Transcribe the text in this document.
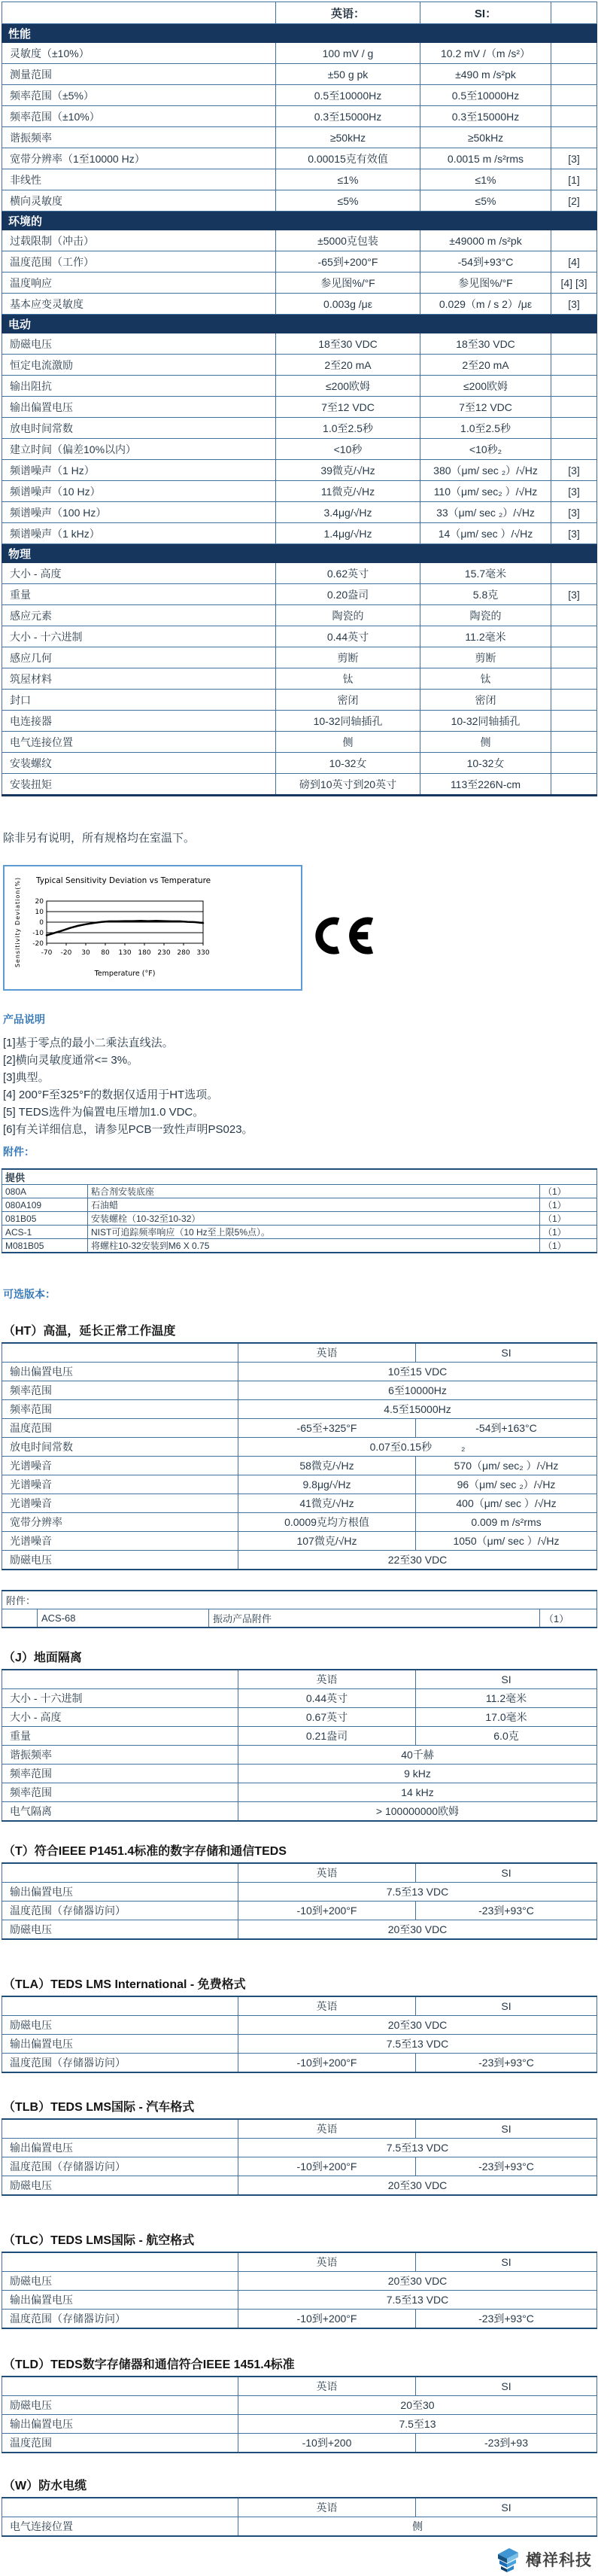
	英语：	SI：	
性能			
灵敏度（±10%）	100 mV / g	10.2 mV /（m /s²）	
测量范围	±50 g pk	±490 m /s²pk	
频率范围（±5%）	0.5至10000Hz	0.5至10000Hz	
频率范围（±10%）	0.3至15000Hz	0.3至15000Hz	
谐振频率	≥50kHz	≥50kHz	
宽带分辨率（1至10000 Hz）	0.00015克有效值	0.0015 m /s²rms	[3]
非线性	≤1%	≤1%	[1]
横向灵敏度	≤5%	≤5%	[2]
环境的			
过载限制（冲击）	±5000克包装	±49000 m /s²pk	
温度范围（工作）	-65到+200°F	-54到+93°C	[4]
温度响应	参见图%/°F	参见图%/°F	[4] [3]
基本应变灵敏度	0.003g /με	0.029（m / s 2）/με	[3]
电动			
励磁电压	18至30 VDC	18至30 VDC	
恒定电流激励	2至20 mA	2至20 mA	
输出阻抗	≤200欧姆	≤200欧姆	
输出偏置电压	7至12 VDC	7至12 VDC	
放电时间常数	1.0至2.5秒	1.0至2.5秒	
建立时间（偏差10%以内）	<10秒	<10秒₂	
频谱噪声（1 Hz）	39微克/√Hz	380（μm/ sec ₂）/√Hz	[3]
频谱噪声（10 Hz）	11微克/√Hz	110（μm/ sec₂ ）/√Hz	[3]
频谱噪声（100 Hz）	3.4μg/√Hz	33（μm/ sec ₂）/√Hz	[3]
频谱噪声（1 kHz）	1.4μg/√Hz	14（μm/ sec ）/√Hz	[3]
物理			
大小 - 高度	0.62英寸	15.7毫米	
重量	0.20盎司	5.8克	[3]
感应元素	陶瓷的	陶瓷的	
大小 - 十六进制	0.44英寸	11.2毫米	
感应几何	剪断	剪断	
筑屋材料	钛	钛	
封口	密闭	密闭	
电连接器	10-32同轴插孔	10-32同轴插孔	
电气连接位置	侧	侧	
安装螺纹	10-32女	10-32女	
安装扭矩	磅到10英寸到20英寸	113至226N-cm	
除非另有说明，所有规格均在室温下。
Typical Sensitivity Deviation vs Temperature
Sensitivity Deviation(%) 20
10
0
-10
-20
-70 -20 30 80 130 180 230 280 330
Temperature (°F)
产品说明
[1]基于零点的最小二乘法直线法。
[2]横向灵敏度通常<= 3%。
[3]典型。
[4] 200°F至325°F的数据仅适用于HT选项。
[5] TEDS选件为偏置电压增加1.0 VDC。
[6]有关详细信息，请参见PCB一致性声明PS023。
附件：
提供		
080A	粘合剂安装底座	（1）
080A109	石油蜡	（1）
081B05	安装螺栓（10-32至10-32）	（1）
ACS-1	NIST可追踪频率响应（10 Hz至上限5%点）。	（1）
M081B05	将螺柱10-32安装到M6 X 0.75	（1）
可选版本：
（HT）高温，延长正常工作温度
	英语	SI
输出偏置电压	10至15 VDC	
频率范围	6至10000Hz	
频率范围	4.5至15000Hz	
温度范围	-65至+325°F	-54到+163°C
放电时间常数	0.07至0.15秒          ₂	
光谱噪音	58微克/√Hz	570（μm/ sec₂ ）/√Hz
光谱噪音	9.8μg/√Hz	96（μm/ sec ₂）/√Hz
光谱噪音	41微克/√Hz	400（μm/ sec ）/√Hz
宽带分辨率	0.0009克均方根值	0.009 m /s²rms
光谱噪音	107微克/√Hz	1050（μm/ sec ）/√Hz
励磁电压	22至30 VDC	
附件：
	ACS-68	振动产品附件	（1）
（J）地面隔离
	英语	SI
大小 - 十六进制	0.44英寸	11.2毫米
大小 - 高度	0.67英寸	17.0毫米
重量	0.21盎司	6.0克
谐振频率	40千赫	
频率范围	9 kHz	
频率范围	14 kHz	
电气隔离	> 100000000欧姆	
（T）符合IEEE P1451.4标准的数字存储和通信TEDS
	英语	SI
输出偏置电压	7.5至13 VDC	
温度范围（存储器访问）	-10到+200°F	-23到+93°C
励磁电压	20至30 VDC	
（TLA）TEDS LMS International - 免费格式
	英语	SI
励磁电压	20至30 VDC	
输出偏置电压	7.5至13 VDC	
温度范围（存储器访问）	-10到+200°F	-23到+93°C
（TLB）TEDS LMS国际 - 汽车格式
	英语	SI
输出偏置电压	7.5至13 VDC	
温度范围（存储器访问）	-10到+200°F	-23到+93°C
励磁电压	20至30 VDC	
（TLC）TEDS LMS国际 - 航空格式
	英语	SI
励磁电压	20至30 VDC	
输出偏置电压	7.5至13 VDC	
温度范围（存储器访问）	-10到+200°F	-23到+93°C
（TLD）TEDS数字存储器和通信符合IEEE 1451.4标准
	英语	SI
励磁电压	20至30	
输出偏置电压	7.5至13	
温度范围	-10到+200	-23到+93
（W）防水电缆
	英语	SI
电气连接位置	侧	
樽祥科技
